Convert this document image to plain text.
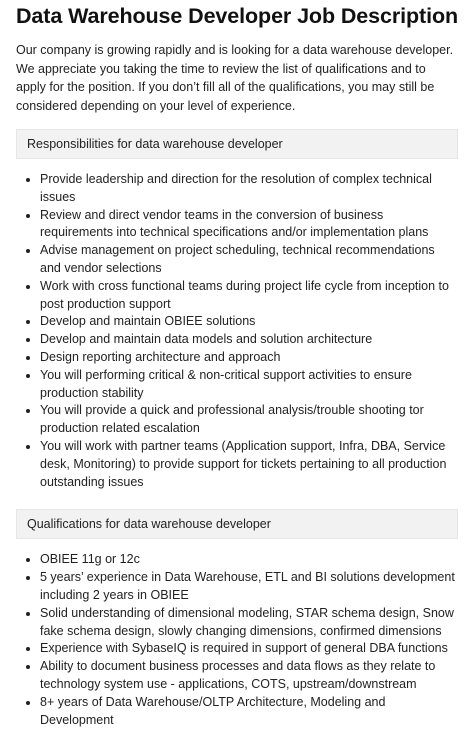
Data Warehouse Developer Job Description

Our company is growing rapidly and is looking for a data warehouse developer. We appreciate you taking the time to review the list of qualifications and to apply for the position. If you don’t fill all of the qualifications, you may still be considered depending on your level of experience.

Responsibilities for data warehouse developer
Provide leadership and direction for the resolution of complex technical issues
Review and direct vendor teams in the conversion of business requirements into technical specifications and/or implementation plans
Advise management on project scheduling, technical recommendations and vendor selections
Work with cross functional teams during project life cycle from inception to post production support
Develop and maintain OBIEE solutions
Develop and maintain data models and solution architecture
Design reporting architecture and approach
You will performing critical & non-critical support activities to ensure production stability
You will provide a quick and professional analysis/trouble shooting tor production related escalation
You will work with partner teams (Application support, Infra, DBA, Service desk, Monitoring) to provide support for tickets pertaining to all production outstanding issues
Qualifications for data warehouse developer
OBIEE 11g or 12c
5 years’ experience in Data Warehouse, ETL and BI solutions development including 2 years in OBIEE
Solid understanding of dimensional modeling, STAR schema design, Snow fake schema design, slowly changing dimensions, confirmed dimensions
Experience with SybaseIQ is required in support of general DBA functions
Ability to document business processes and data flows as they relate to technology system use - applications, COTS, upstream/downstream
8+ years of Data Warehouse/OLTP Architecture, Modeling and Development
